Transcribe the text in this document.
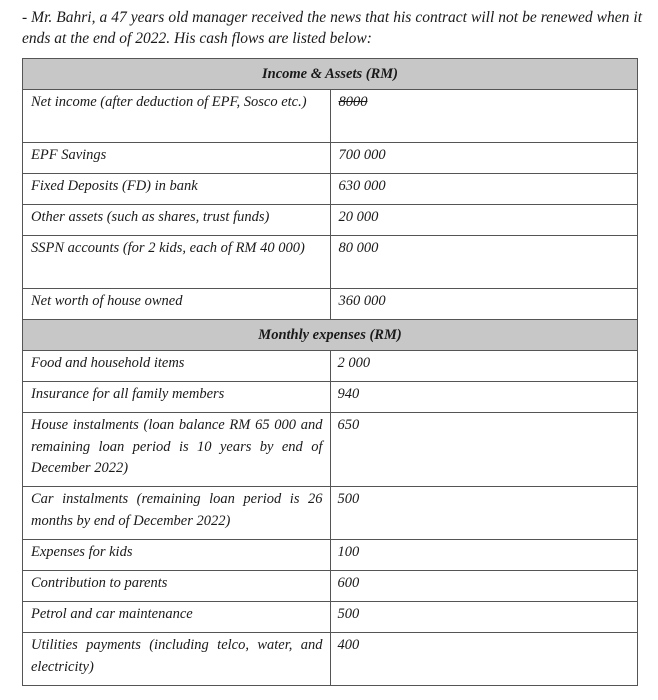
- Mr. Bahri, a 47 years old manager received the news that his contract will not be renewed when it ends at the end of 2022. His cash flows are listed below:
Income & Assets (RM)	
Net income (after deduction of EPF, Sosco etc.)	8000
EPF Savings	700 000
Fixed Deposits (FD) in bank	630 000
Other assets (such as shares, trust funds)	20 000
SSPN accounts (for 2 kids, each of RM 40 000)	80 000
Net worth of house owned	360 000
Monthly expenses (RM)	
Food and household items	2 000
Insurance for all family members	940
House instalments (loan balance RM 65 000 and remaining loan period is 10 years by end of December 2022)	650
Car instalments (remaining loan period is 26 months by end of December 2022)	500
Expenses for kids	100
Contribution to parents	600
Petrol and car maintenance	500
Utilities payments (including telco, water, and electricity)	400
